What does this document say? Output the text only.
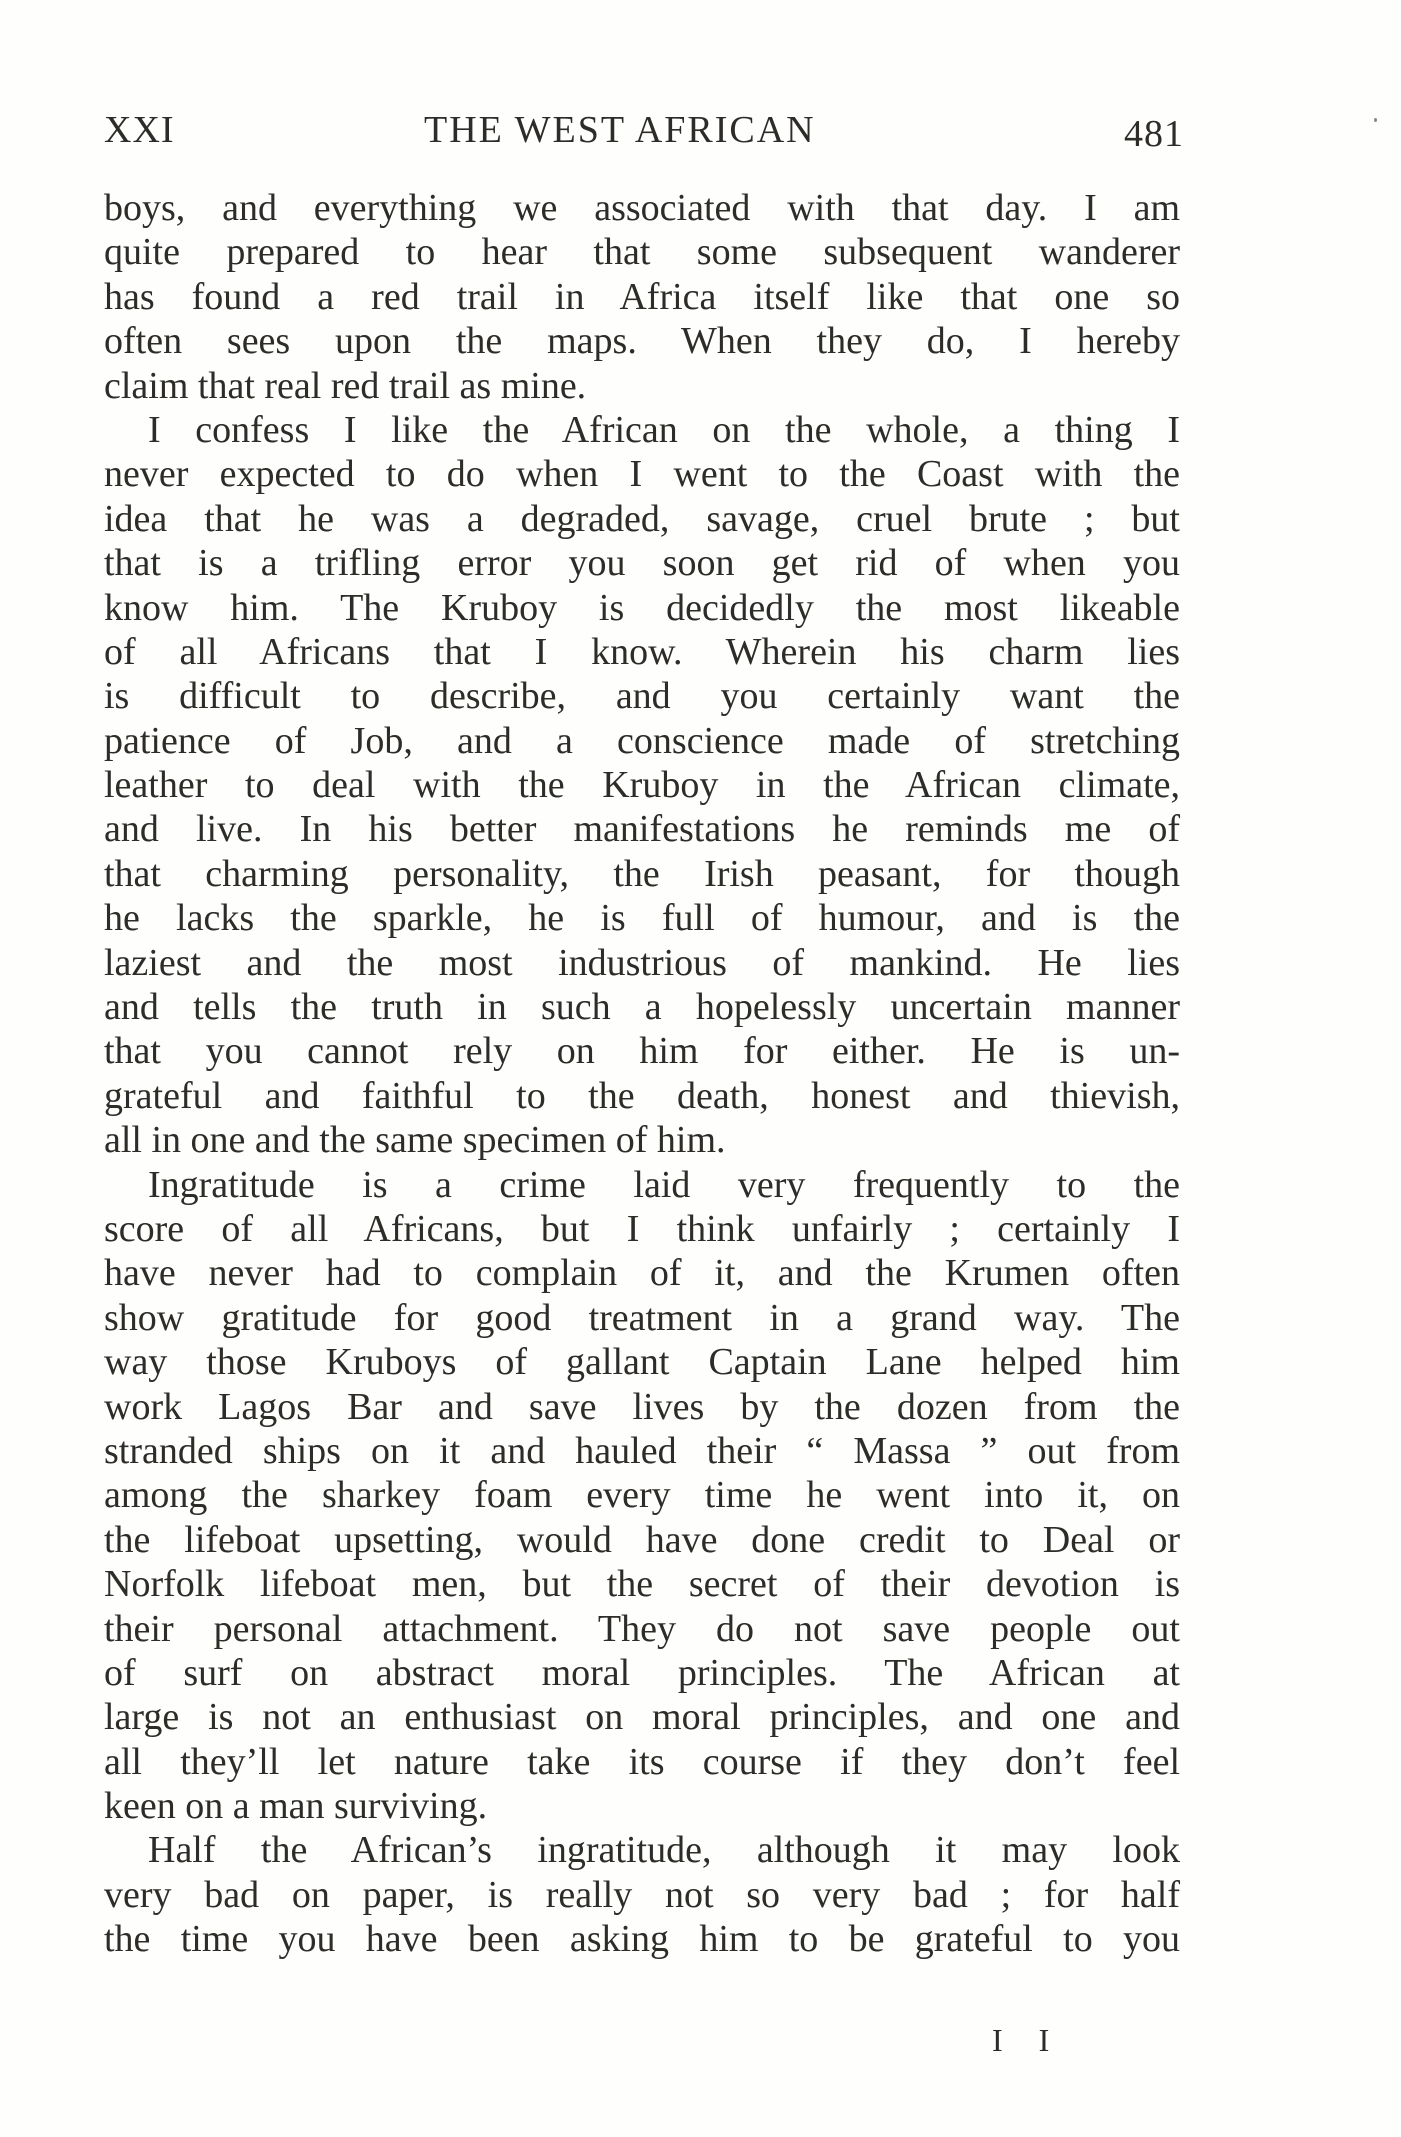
XXI	THE WEST AFRICAN	481
boys, and everything we associated with that day. I am
quite prepared to hear that some subsequent wanderer
has found a red trail in Africa itself like that one so
often sees upon the maps. When they do, I hereby
claim that real red trail as mine.
I confess I like the African on the whole, a thing I
never expected to do when I went to the Coast with the
idea that he was a degraded, savage, cruel brute ; but
that is a trifling error you soon get rid of when you
know him. The Kruboy is decidedly the most likeable
of all Africans that I know. Wherein his charm lies
is difficult to describe, and you certainly want the
patience of Job, and a conscience made of stretching
leather to deal with the Kruboy in the African climate,
and live. In his better manifestations he reminds me of
that charming personality, the Irish peasant, for though
he lacks the sparkle, he is full of humour, and is the
laziest and the most industrious of mankind. He lies
and tells the truth in such a hopelessly uncertain manner
that you cannot rely on him for either. He is un-
grateful and faithful to the death, honest and thievish,
all in one and the same specimen of him.
Ingratitude is a crime laid very frequently to the
score of all Africans, but I think unfairly ; certainly I
have never had to complain of it, and the Krumen often
show gratitude for good treatment in a grand way. The
way those Kruboys of gallant Captain Lane helped him
work Lagos Bar and save lives by the dozen from the
stranded ships on it and hauled their “ Massa ” out from
among the sharkey foam every time he went into it, on
the lifeboat upsetting, would have done credit to Deal or
Norfolk lifeboat men, but the secret of their devotion is
their personal attachment. They do not save people out
of surf on abstract moral principles. The African at
large is not an enthusiast on moral principles, and one and
all they’ll let nature take its course if they don’t feel
keen on a man surviving.
Half the African’s ingratitude, although it may look
very bad on paper, is really not so very bad ; for half
the time you have been asking him to be grateful to you
I I
